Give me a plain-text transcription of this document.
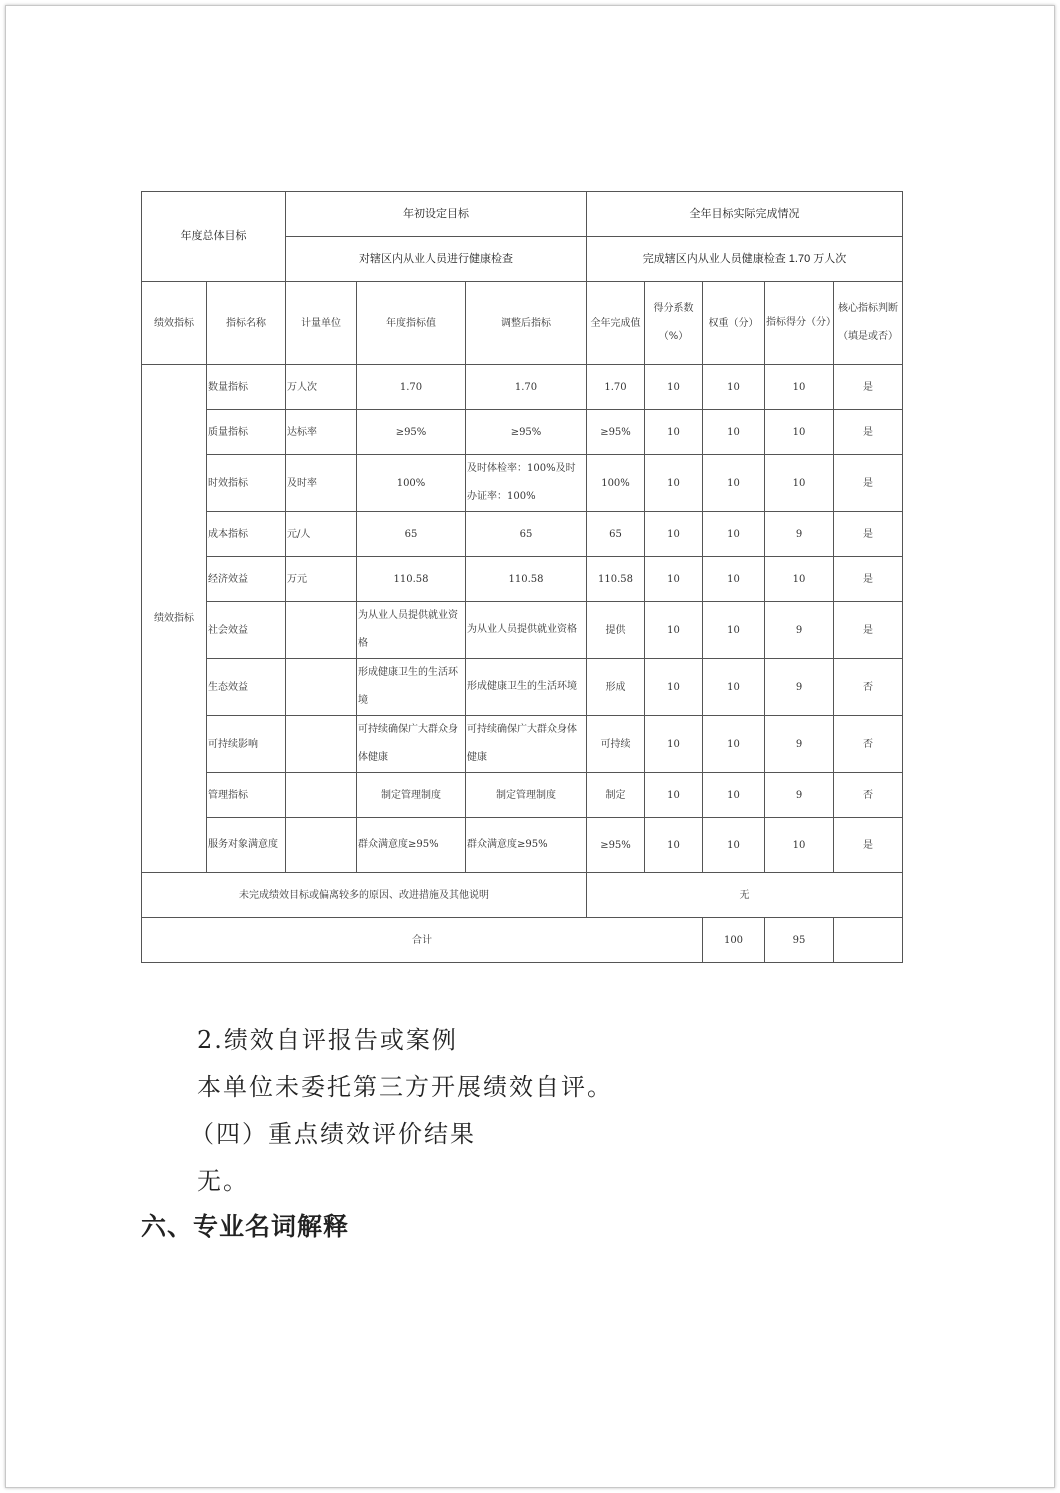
年度总体目标		年初设定目标			全年目标实际完成情况				
		对辖区内从业人员进行健康检查			完成辖区内从业人员健康检查 1.70 万人次				
绩效指标	指标名称	计量单位	年度指标值	调整后指标	全年完成值	得分系数（%）	权重（分）	指标得分（分）	核心指标判断（填是或否）
绩效指标	数量指标	万人次	1.70	1.70	1.70	10	10	10	是
	质量指标	达标率	≥95%	≥95%	≥95%	10	10	10	是
	时效指标	及时率	100%	及时体检率：100%及时办证率：100%	100%	10	10	10	是
	成本指标	元/人	65	65	65	10	10	9	是
	经济效益	万元	110.58	110.58	110.58	10	10	10	是
	社会效益		为从业人员提供就业资格	为从业人员提供就业资格	提供	10	10	9	是
	生态效益		形成健康卫生的生活环境	形成健康卫生的生活环境	形成	10	10	9	否
	可持续影响		可持续确保广大群众身体健康	可持续确保广大群众身体健康	可持续	10	10	9	否
	管理指标		制定管理制度	制定管理制度	制定	10	10	9	否
	服务对象满意度		群众满意度≥95%	群众满意度≥95%	≥95%	10	10	10	是
未完成绩效目标或偏离较多的原因、改进措施及其他说明					无				
合计							100	95	
2.绩效自评报告或案例
本单位未委托第三方开展绩效自评。
（四）重点绩效评价结果
无。
六、专业名词解释
